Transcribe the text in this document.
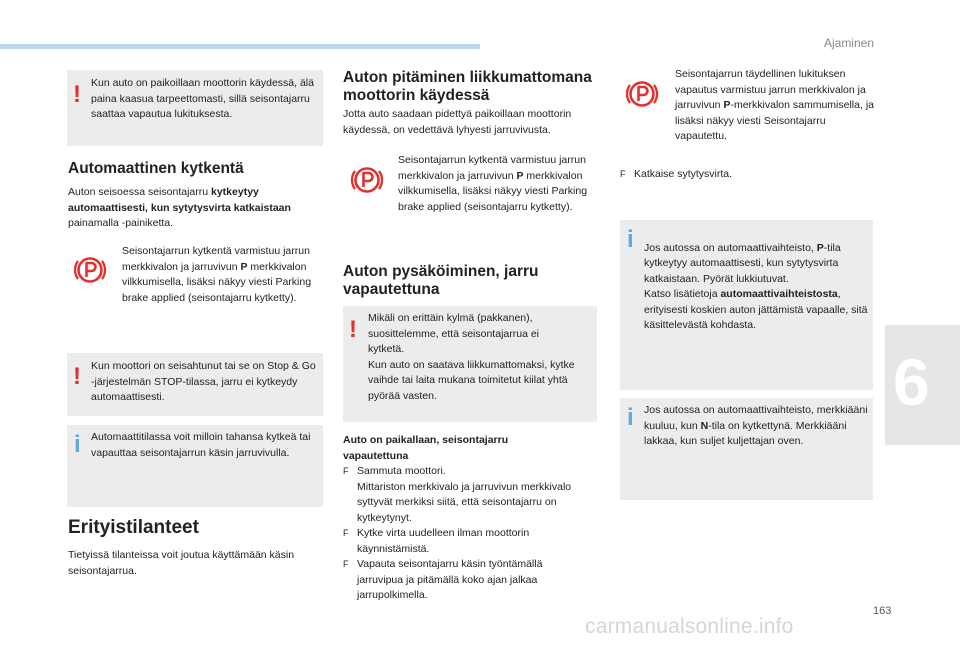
Ajaminen
6
163
carmanualsonline.info
! Kun auto on paikoillaan moottorin käydessä, älä paina kaasua tarpeettomasti, sillä seisontajarru saattaa vapautua lukituksesta.
Automaattinen kytkentä
Auton seisoessa seisontajarru kytkeytyy automaattisesti, kun sytytysvirta katkaistaan painamalla -painiketta.
Seisontajarrun kytkentä varmistuu jarrun merkkivalon ja jarruvivun P merkkivalon vilkkumisella, lisäksi näkyy viesti Parking brake applied (seisontajarru kytketty).
! Kun moottori on seisahtunut tai se on Stop & Go -järjestelmän STOP-tilassa, jarru ei kytkeydy automaattisesti.
i Automaattitilassa voit milloin tahansa kytkeä tai vapauttaa seisontajarrun käsin jarruvivulla.
Erityistilanteet
Tietyissä tilanteissa voit joutua käyttämään käsin seisontajarrua.
Auton pitäminen liikkumattomana moottorin käydessä
Jotta auto saadaan pidettyä paikoillaan moottorin käydessä, on vedettävä lyhyesti jarruvivusta.
Seisontajarrun kytkentä varmistuu jarrun merkkivalon ja jarruvivun P merkkivalon vilkkumisella, lisäksi näkyy viesti Parking brake applied (seisontajarru kytketty).
Auton pysäköiminen, jarru vapautettuna
! Mikäli on erittäin kylmä (pakkanen), suosittelemme, että seisontajarrua ei kytketä.
Kun auto on saatava liikkumattomaksi, kytke vaihde tai laita mukana toimitetut kiilat yhtä pyörää vasten.
Auto on paikallaan, seisontajarru vapautettuna
F Sammuta moottori.
Mittariston merkkivalo ja jarruvivun merkkivalo syttyvät merkiksi siitä, että seisontajarru on kytkeytynyt.
F Kytke virta uudelleen ilman moottorin käynnistämistä.
F Vapauta seisontajarru käsin työntämällä jarruvipua ja pitämällä koko ajan jalkaa jarrupolkimella.
Seisontajarrun täydellinen lukituksen vapautus varmistuu jarrun merkkivalon ja jarruvivun P-merkkivalon sammumisella, ja lisäksi näkyy viesti Seisontajarru vapautettu.
F Katkaise sytytysvirta.
i Jos autossa on automaattivaihteisto, P-tila kytkeytyy automaattisesti, kun sytytysvirta katkaistaan. Pyörät lukkiutuvat.
Katso lisätietoja automaattivaihteistosta, erityisesti koskien auton jättämistä vapaalle, sitä käsittelevästä kohdasta.
i Jos autossa on automaattivaihteisto, merkkiääni kuuluu, kun N-tila on kytkettynä. Merkkiääni lakkaa, kun suljet kuljettajan oven.
